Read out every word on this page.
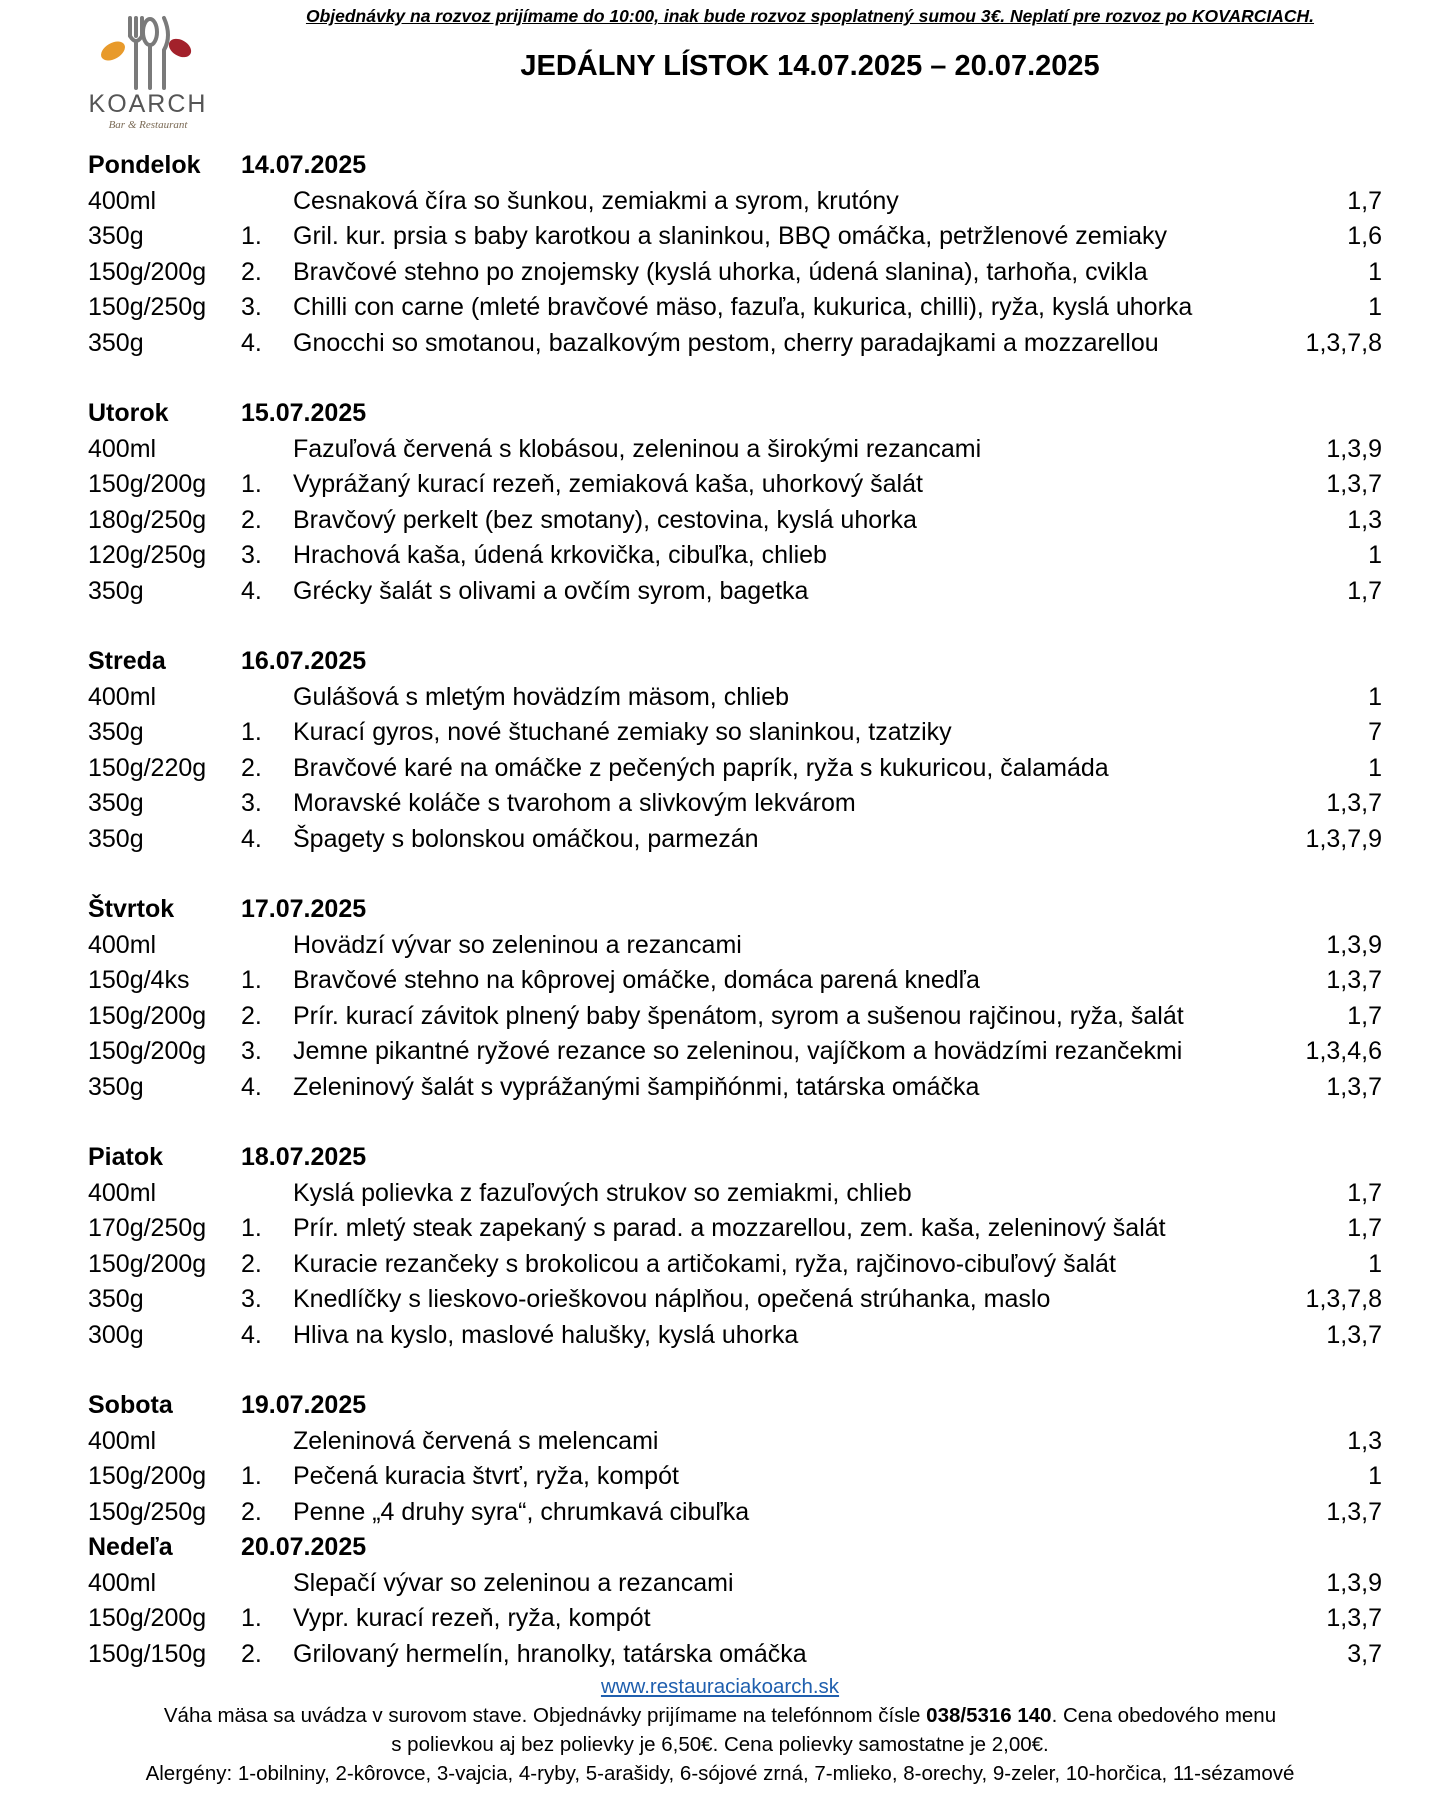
KOARCH
Bar & Restaurant
Objednávky na rozvoz prijímame do 10:00, inak bude rozvoz spoplatnený sumou 3€. Neplatí pre rozvoz po KOVARCIACH.
JEDÁLNY LÍSTOK 14.07.2025 – 20.07.2025
Pondelok 14.07.2025
400ml	Cesnaková číra so šunkou, zemiakmi a syrom, krutóny	1,7
350g	1. Gril. kur. prsia s baby karotkou a slaninkou, BBQ omáčka, petržlenové zemiaky	1,6
150g/200g 2. Bravčové stehno po znojemsky (kyslá uhorka, údená slanina), tarhoňa, cvikla	1
150g/250g 3. Chilli con carne (mleté bravčové mäso, fazuľa, kukurica, chilli), ryža, kyslá uhorka	1
350g	4. Gnocchi so smotanou, bazalkovým pestom, cherry paradajkami a mozzarellou	1,3,7,8
Utorok	15.07.2025
400ml	Fazuľová červená s klobásou, zeleninou a širokými rezancami	1,3,9
150g/200g 1. Vyprážaný kurací rezeň, zemiaková kaša, uhorkový šalát	1,3,7
180g/250g 2. Bravčový perkelt (bez smotany), cestovina, kyslá uhorka	1,3
120g/250g 3. Hrachová kaša, údená krkovička, cibuľka, chlieb	1
350g	4. Grécky šalát s olivami a ovčím syrom, bagetka	1,7
Streda	16.07.2025
400ml	Gulášová s mletým hovädzím mäsom, chlieb	1
350g	1. Kurací gyros, nové štuchané zemiaky so slaninkou, tzatziky	7
150g/220g 2. Bravčové karé na omáčke z pečených paprík, ryža s kukuricou, čalamáda	1
350g	3. Moravské koláče s tvarohom a slivkovým lekvárom	1,3,7
350g	4. Špagety s bolonskou omáčkou, parmezán	1,3,7,9
Štvrtok	17.07.2025
400ml	Hovädzí vývar so zeleninou a rezancami	1,3,9
150g/4ks 1. Bravčové stehno na kôprovej omáčke, domáca parená knedľa	1,3,7
150g/200g 2. Prír. kurací závitok plnený baby špenátom, syrom a sušenou rajčinou, ryža, šalát	1,7
150g/200g 3. Jemne pikantné ryžové rezance so zeleninou, vajíčkom a hovädzími rezančekmi	1,3,4,6
350g	4. Zeleninový šalát s vyprážanými šampiňónmi, tatárska omáčka	1,3,7
Piatok	18.07.2025
400ml	Kyslá polievka z fazuľových strukov so zemiakmi, chlieb	1,7
170g/250g 1. Prír. mletý steak zapekaný s parad. a mozzarellou, zem. kaša, zeleninový šalát	1,7
150g/200g 2. Kuracie rezančeky s brokolicou a artičokami, ryža, rajčinovo-cibuľový šalát	1
350g	3. Knedlíčky s lieskovo-orieškovou náplňou, opečená strúhanka, maslo	1,3,7,8
300g	4. Hliva na kyslo, maslové halušky, kyslá uhorka	1,3,7
Sobota	19.07.2025
400ml	Zeleninová červená s melencami	1,3
150g/200g 1. Pečená kuracia štvrť, ryža, kompót	1
150g/250g 2. Penne „4 druhy syra“, chrumkavá cibuľka	1,3,7
Nedeľa	20.07.2025
400ml	Slepačí vývar so zeleninou a rezancami	1,3,9
150g/200g 1. Vypr. kurací rezeň, ryža, kompót	1,3,7
150g/150g 2. Grilovaný hermelín, hranolky, tatárska omáčka	3,7

www.restauraciakoarch.sk

Váha mäsa sa uvádza v surovom stave. Objednávky prijímame na telefónnom čísle 038/5316 140. Cena obedového menu

s polievkou aj bez polievky je 6,50€. Cena polievky samostatne je 2,00€.

Alergény: 1-obilniny, 2-kôrovce, 3-vajcia, 4-ryby, 5-arašidy, 6-sójové zrná, 7-mlieko, 8-orechy, 9-zeler, 10-horčica, 11-sézamové
